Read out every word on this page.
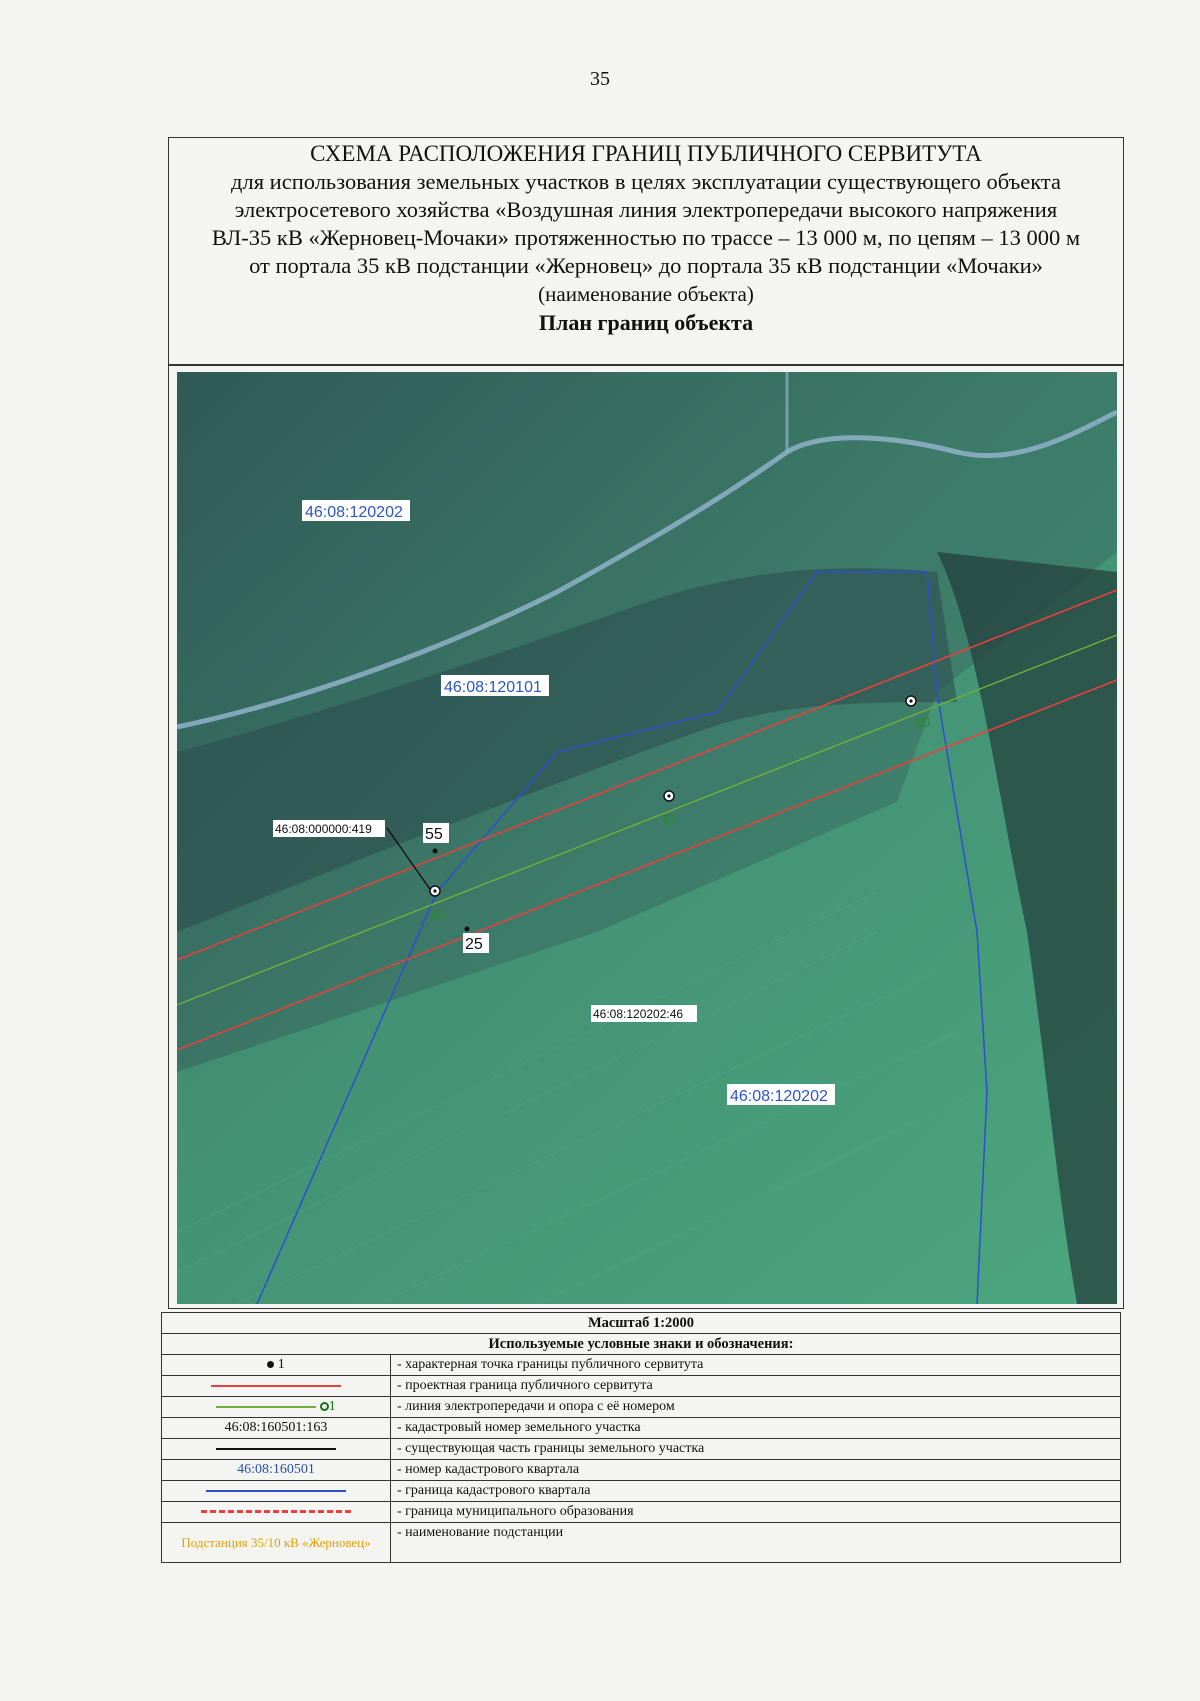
35
СХЕМА РАСПОЛОЖЕНИЯ ГРАНИЦ ПУБЛИЧНОГО СЕРВИТУТА
для использования земельных участков в целях эксплуатации существующего объекта
электросетевого хозяйства «Воздушная линия электропередачи высокого напряжения
ВЛ-35 кВ «Жерновец-Мочаки» протяженностью по трассе – 13 000 м, по цепям – 13 000 м
от портала 35 кВ подстанции «Жерновец» до портала 35 кВ подстанции «Мочаки»
(наименование объекта)
План границ объекта
80
81
82
55
25
46:08:120202
46:08:120101
46:08:120202
46:08:000000:419
46:08:120202:46
Масштаб 1:2000	
Используемые условные знаки и обозначения:	
1	- характерная точка границы публичного сервитута
	- проектная граница публичного сервитута
1	- линия электропередачи и опора с её номером
46:08:160501:163	- кадастровый номер земельного участка
	- существующая часть границы земельного участка
46:08:160501	- номер кадастрового квартала
	- граница кадастрового квартала
	- граница муниципального образования

Подстанция 35/10 кВ «Жерновец»	- наименование подстанции
